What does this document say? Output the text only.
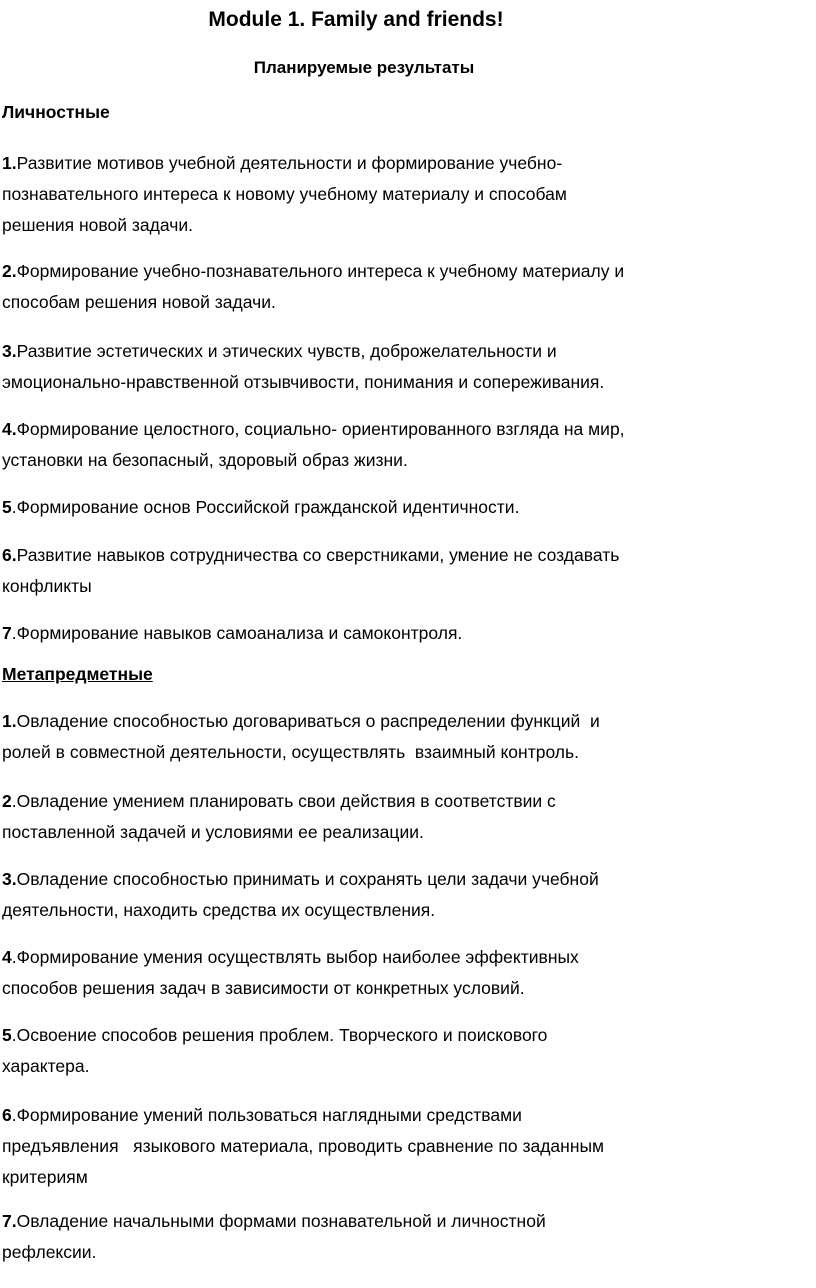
Module 1. Family and friends!
Планируемые результаты
Личностные
1.Развитие мотивов учебной деятельности и формирование учебно-
познавательного интереса к новому учебному материалу и способам
решения новой задачи.
2.Формирование учебно-познавательного интереса к учебному материалу и
способам решения новой задачи.
3.Развитие эстетических и этических чувств, доброжелательности и
эмоционально-нравственной отзывчивости, понимания и сопереживания.
4.Формирование целостного, социально- ориентированного взгляда на мир,
установки на безопасный, здоровый образ жизни.
5.Формирование основ Российской гражданской идентичности.
6.Развитие навыков сотрудничества со сверстниками, умение не создавать
конфликты
7.Формирование навыков самоанализа и самоконтроля.
Метапредметные
1.Овладение способностью договариваться о распределении функций  и
ролей в совместной деятельности, осуществлять  взаимный контроль.
2.Овладение умением планировать свои действия в соответствии с
поставленной задачей и условиями ее реализации.
3.Овладение способностью принимать и сохранять цели задачи учебной
деятельности, находить средства их осуществления.
4.Формирование умения осуществлять выбор наиболее эффективных
способов решения задач в зависимости от конкретных условий.
5.Освоение способов решения проблем. Творческого и поискового
характера.
6.Формирование умений пользоваться наглядными средствами
предъявления   языкового материала, проводить сравнение по заданным
критериям
7.Овладение начальными формами познавательной и личностной
рефлексии.
